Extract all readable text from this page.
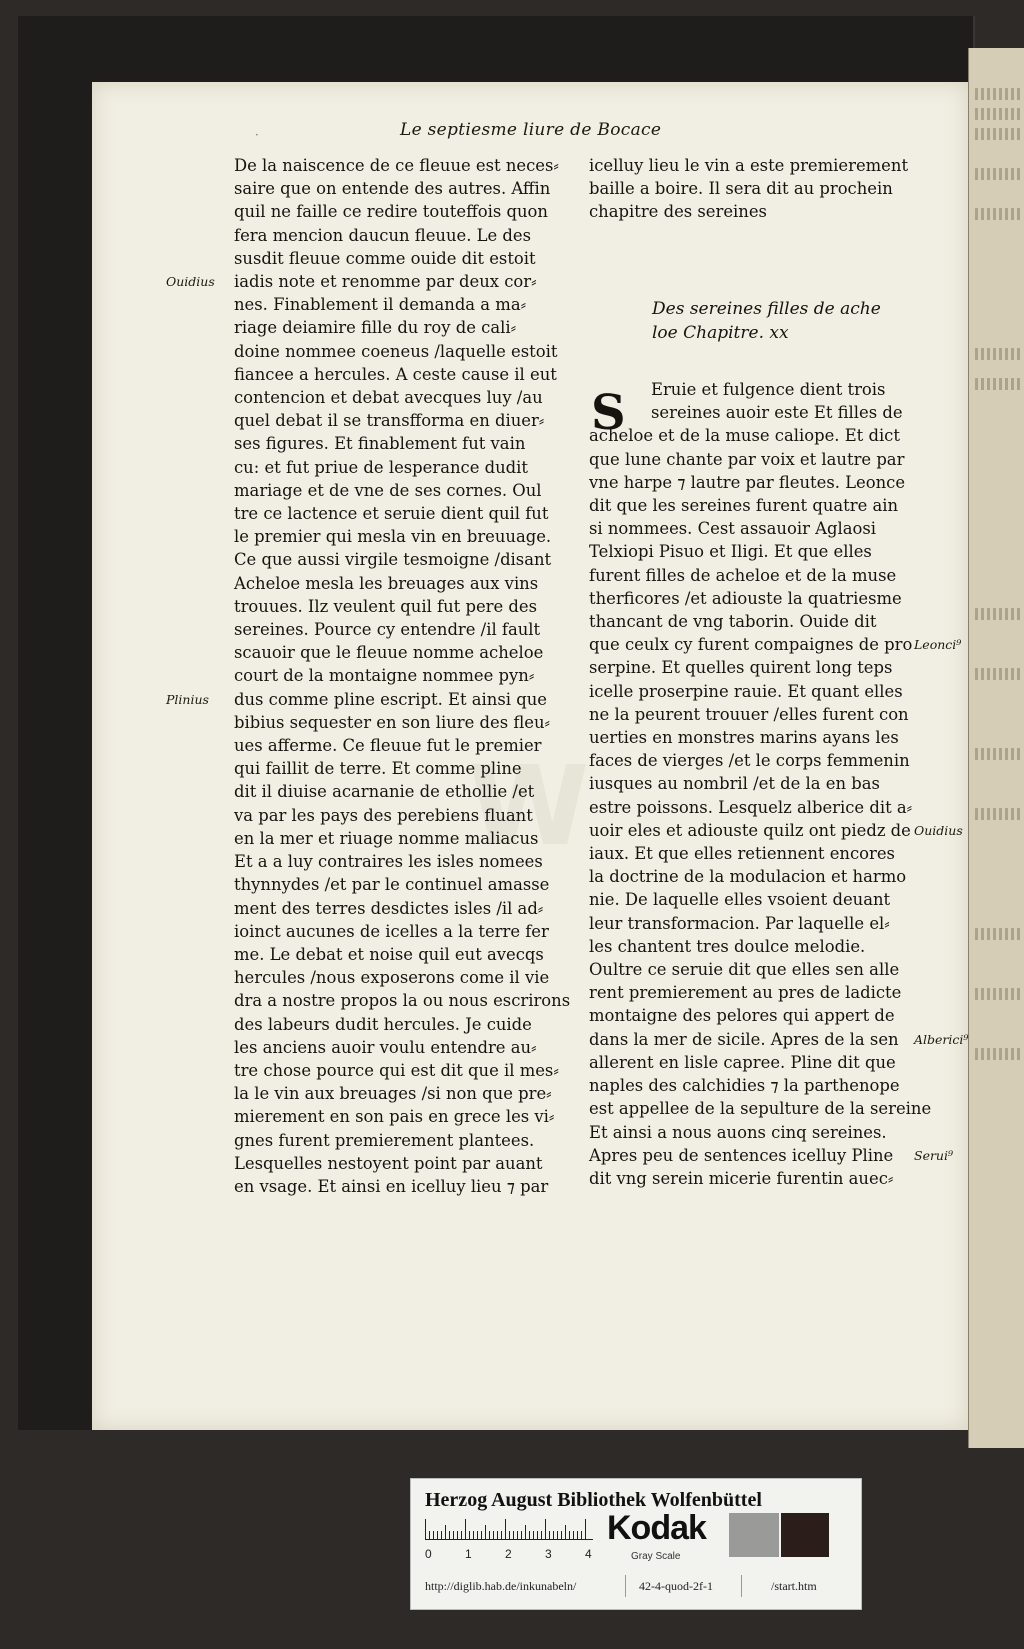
W
·	Le septiesme liure de Bocace
De la naiscence de ce fleuue est neces⸗
saire que on entende des autres. Affin
quil ne faille ce redire touteffois quon
fera mencion daucun fleuue. Le des
susdit fleuue comme ouide dit estoit
iadis note et renomme par deux cor⸗
nes. Finablement il demanda a ma⸗
riage deiamire fille du roy de cali⸗
doine nommee coeneus /laquelle estoit
fiancee a hercules. A ceste cause il eut
contencion et debat avecques luy /au
quel debat il se transfforma en diuer⸗
ses figures. Et finablement fut vain
cu: et fut priue de lesperance dudit
mariage et de vne de ses cornes. Oul
tre ce lactence et seruie dient quil fut
le premier qui mesla vin en breuuage.
Ce que aussi virgile tesmoigne /disant
Acheloe mesla les breuages aux vins
trouues. Ilz veulent quil fut pere des
sereines. Pource cy entendre /il fault
scauoir que le fleuue nomme acheloe
court de la montaigne nommee pyn⸗
dus comme pline escript. Et ainsi que
bibius sequester en son liure des fleu⸗
ues afferme. Ce fleuue fut le premier
qui faillit de terre. Et comme pline
dit il diuise acarnanie de ethollie /et
va par les pays des perebiens fluant
en la mer et riuage nomme maliacus
Et a a luy contraires les isles nomees
thynnydes /et par le continuel amasse
ment des terres desdictes isles /il ad⸗
ioinct aucunes de icelles a la terre fer
me. Le debat et noise quil eut avecqs
hercules /nous exposerons come il vie
dra a nostre propos la ou nous escrirons
des labeurs dudit hercules. Je cuide
les anciens auoir voulu entendre au⸗
tre chose pource qui est dit que il mes⸗
la le vin aux breuages /si non que pre⸗
mierement en son pais en grece les vi⸗
gnes furent premierement plantees.
Lesquelles nestoyent point par auant
en vsage. Et ainsi en icelluy lieu ⁊ par
icelluy lieu le vin a este premierement
baille a boire. Il sera dit au prochein
chapitre des sereines
Des sereines filles de ache
loe Chapitre. xx
S	Eruie et fulgence dient trois
sereines auoir este Et filles de
acheloe et de la muse caliope. Et dict
que lune chante par voix et lautre par
vne harpe ⁊ lautre par fleutes. Leonce
dit que les sereines furent quatre ain
si nommees. Cest assauoir Aglaosi
Telxiopi Pisuo et Iligi. Et que elles
furent filles de acheloe et de la muse
therficores /et adiouste la quatriesme
thancant de vng taborin. Ouide dit
que ceulx cy furent compaignes de pro
serpine. Et quelles quirent long teps
icelle proserpine rauie. Et quant elles
ne la peurent trouuer /elles furent con
uerties en monstres marins ayans les
faces de vierges /et le corps femmenin
iusques au nombril /et de la en bas
estre poissons. Lesquelz alberice dit a⸗
uoir eles et adiouste quilz ont piedz de
iaux. Et que elles retiennent encores
la doctrine de la modulacion et harmo
nie. De laquelle elles vsoient deuant
leur transformacion. Par laquelle el⸗
les chantent tres doulce melodie.
Oultre ce seruie dit que elles sen alle
rent premierement au pres de ladicte
montaigne des pelores qui appert de
dans la mer de sicile. Apres de la sen
allerent en lisle capree. Pline dit que
naples des calchidies ⁊ la parthenope
est appellee de la sepulture de la sereine
Et ainsi a nous auons cinq sereines.
Apres peu de sentences icelluy Pline
dit vng serein micerie furentin auec⸗
Ouidius
Plinius
Leonci⁹
Ouidius
Alberici⁹
Serui⁹
Herzog August Bibliothek Wolfenbüttel
0	1	2	3	4
Kodak
Gray Scale
http://diglib.hab.de/inkunabeln/	42-4-quod-2f-1	/start.htm
